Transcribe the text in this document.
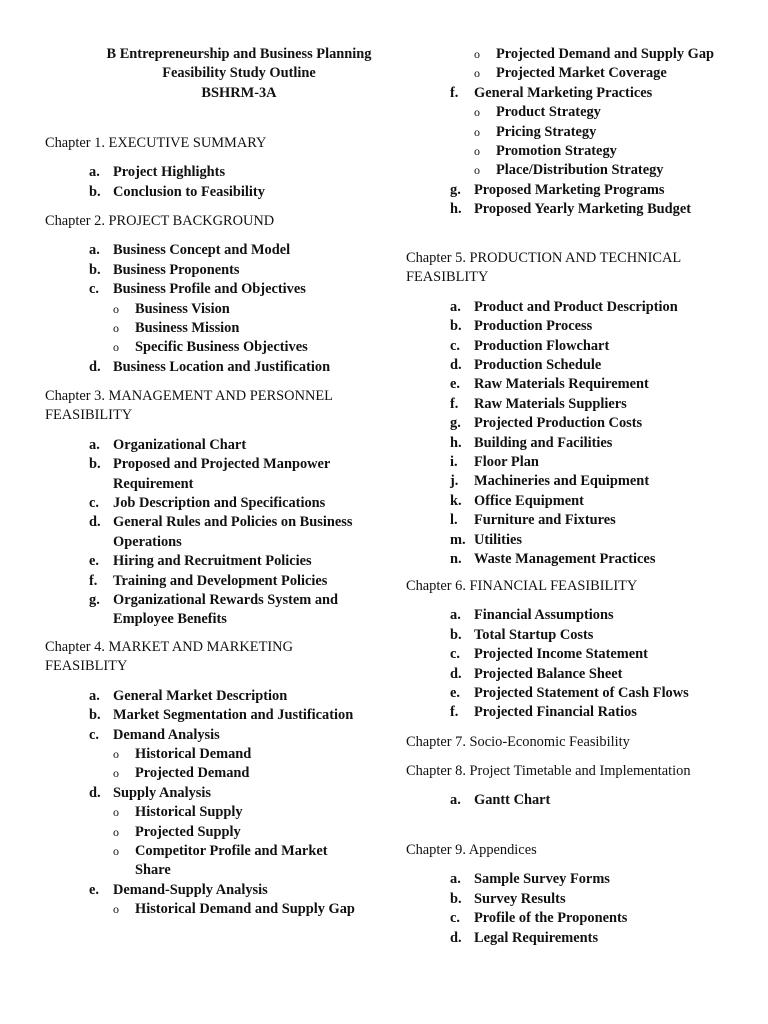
B Entrepreneurship and Business Planning
Feasibility Study Outline
BSHRM-3A
Chapter 1. EXECUTIVE SUMMARY
a. Project Highlights
b. Conclusion to Feasibility
Chapter 2. PROJECT BACKGROUND
a. Business Concept and Model
b. Business Proponents
c. Business Profile and Objectives
o	Business Vision
o	Business Mission
o	Specific Business Objectives
d. Business Location and Justification
Chapter 3. MANAGEMENT AND PERSONNEL FEASIBILITY
a. Organizational Chart
b. Proposed and Projected Manpower Requirement
c. Job Description and Specifications
d. General Rules and Policies on Business Operations
e. Hiring and Recruitment Policies
f.	Training and Development Policies
g. Organizational Rewards System and Employee Benefits
Chapter 4. MARKET AND MARKETING FEASIBLITY
a. General Market Description
b. Market Segmentation and Justification
c. Demand Analysis
o	Historical Demand
o	Projected Demand
d. Supply Analysis
o	Historical Supply
o	Projected Supply
o	Competitor Profile and Market Share
e. Demand-Supply Analysis
o	Historical Demand and Supply Gap
o	Projected Demand and Supply Gap
o	Projected Market Coverage
f.	General Marketing Practices
o	Product Strategy
o	Pricing Strategy
o	Promotion Strategy
o	Place/Distribution Strategy
g. Proposed Marketing Programs
h. Proposed Yearly Marketing Budget
Chapter 5. PRODUCTION AND TECHNICAL FEASIBLITY
a. Product and Product Description
b. Production Process
c. Production Flowchart
d. Production Schedule
e. Raw Materials Requirement
f.	Raw Materials Suppliers
g. Projected Production Costs
h. Building and Facilities
i.	Floor Plan
j.	Machineries and Equipment
k. Office Equipment
l.	Furniture and Fixtures
m. Utilities
n. Waste Management Practices
Chapter 6. FINANCIAL FEASIBILITY
a. Financial Assumptions
b. Total Startup Costs
c. Projected Income Statement
d. Projected Balance Sheet
e. Projected Statement of Cash Flows
f.	Projected Financial Ratios
Chapter 7. Socio-Economic Feasibility
Chapter 8. Project Timetable and Implementation
a. Gantt Chart
Chapter 9. Appendices
a. Sample Survey Forms
b. Survey Results
c. Profile of the Proponents
d. Legal Requirements
